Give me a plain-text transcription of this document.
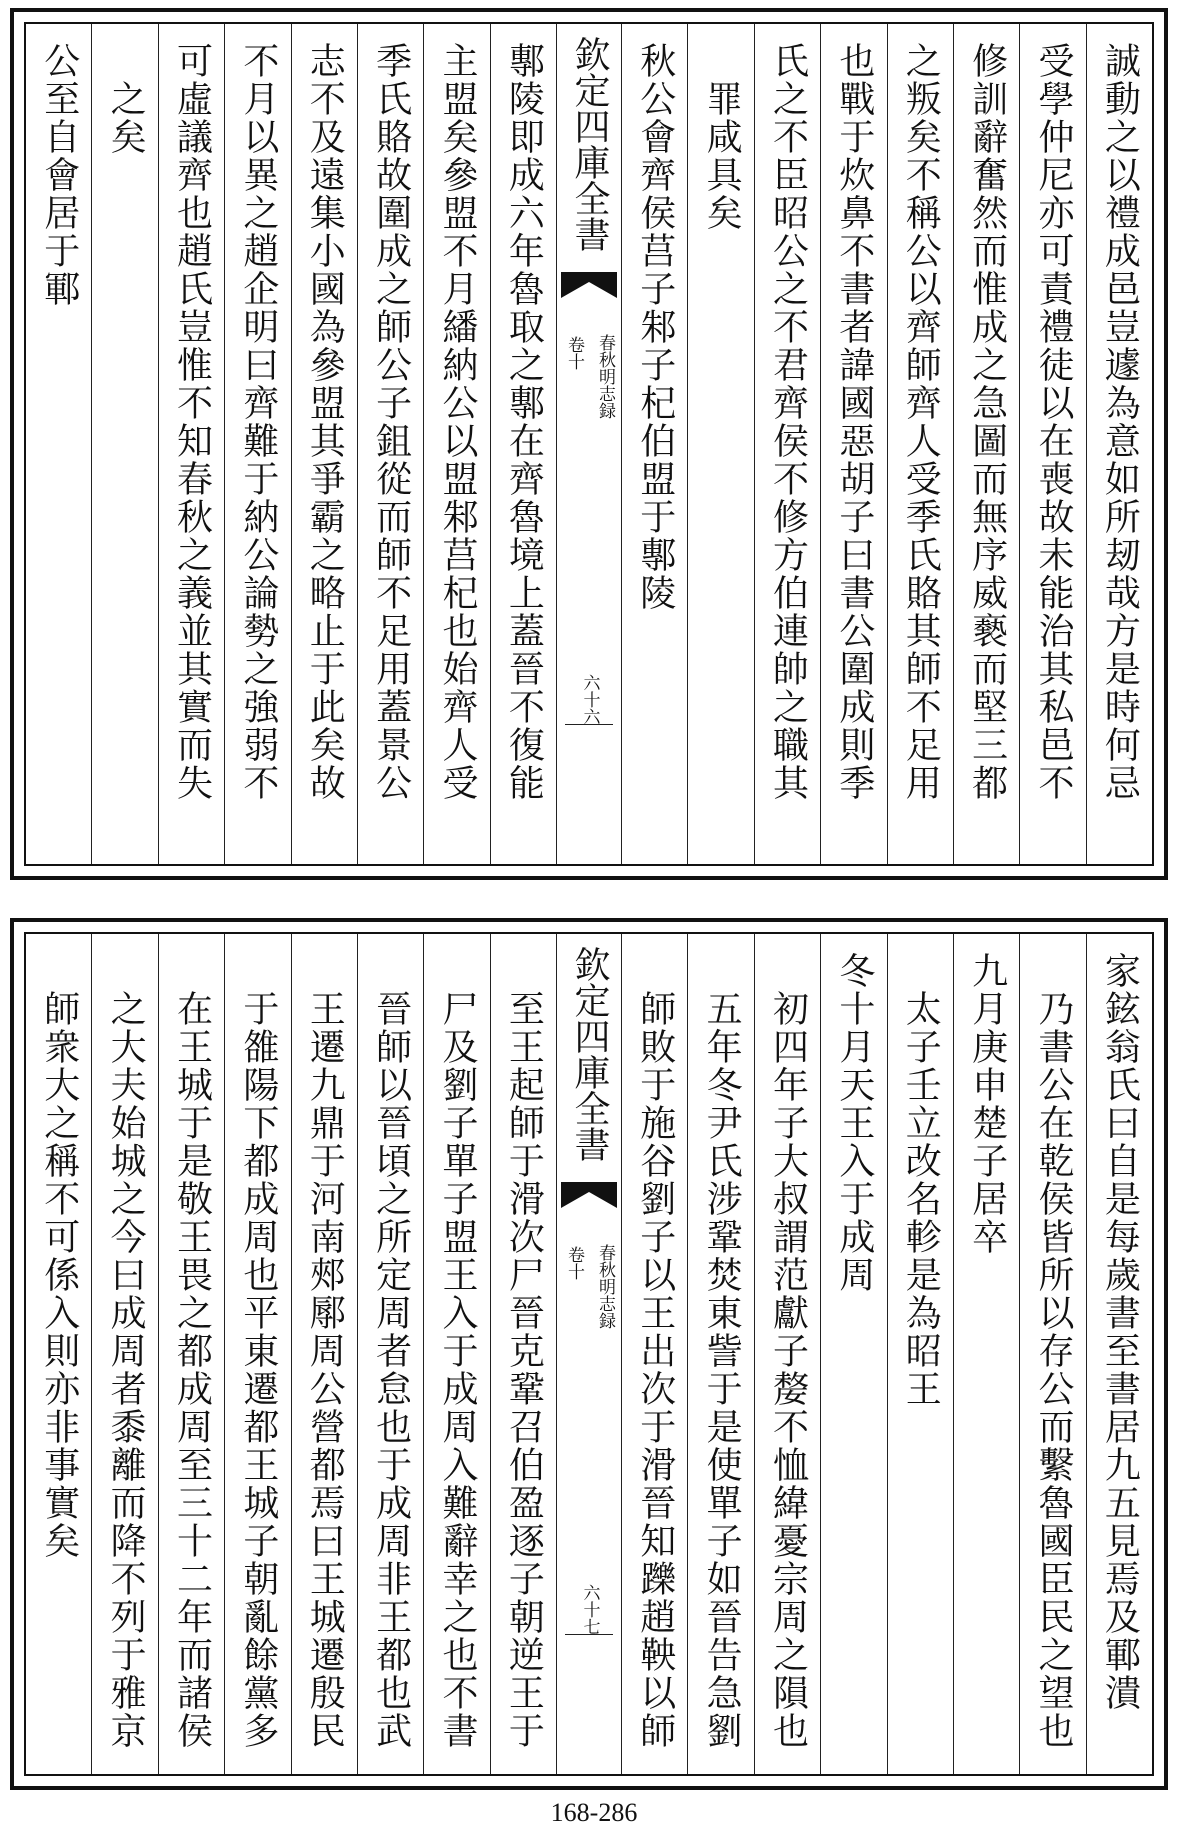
誠動之以禮成邑豈遽為意如所刼哉方是時何忌
受學仲尼亦可責禮徒以在喪故未能治其私邑不
修訓辭奮然而惟成之急圖而無序威褻而堅三都
之叛矣不稱公以齊師齊人受季氏賂其師不足用
也戰于炊鼻不書者諱國惡胡子曰書公圍成則季
氏之不臣昭公之不君齊侯不修方伯連帥之職其
罪咸具矣
秋公會齊侯莒子邾子杞伯盟于鄟陵
欽定四庫全書
春秋明志録
卷十
六十六
鄟陵即成六年魯取之鄟在齊魯境上蓋晉不復能
主盟矣參盟不月繙納公以盟邾莒杞也始齊人受
季氏賂故圍成之師公子鉏從而師不足用蓋景公
志不及遠集小國為參盟其爭霸之略止于此矣故
不月以異之趙企明曰齊難于納公論勢之強弱不
可虛議齊也趙氏豈惟不知春秋之義並其實而失
之矣
公至自會居于鄆
家鉉翁氏曰自是每歲書至書居九五見焉及鄆潰
乃書公在乾侯皆所以存公而繫魯國臣民之望也
九月庚申楚子居卒
太子壬立改名軫是為昭王
冬十月天王入于成周
初四年子大叔謂范獻子嫠不恤緯憂宗周之隕也
五年冬尹氏涉鞏焚東訾于是使單子如晉告急劉
師敗于施谷劉子以王出次于滑晉知躒趙鞅以師
欽定四庫全書
春秋明志録
卷十
六十七
至王起師于滑次尸晉克鞏召伯盈逐子朝逆王于
尸及劉子單子盟王入于成周入難辭幸之也不書
晉師以晉頃之所定周者怠也于成周非王都也武
王遷九鼎于河南郟鄏周公營都焉曰王城遷殷民
于雒陽下都成周也平東遷都王城子朝亂餘黨多
在王城于是敬王畏之都成周至三十二年而諸侯
之大夫始城之今曰成周者黍離而降不列于雅京
師衆大之稱不可係入則亦非事實矣
168-286
